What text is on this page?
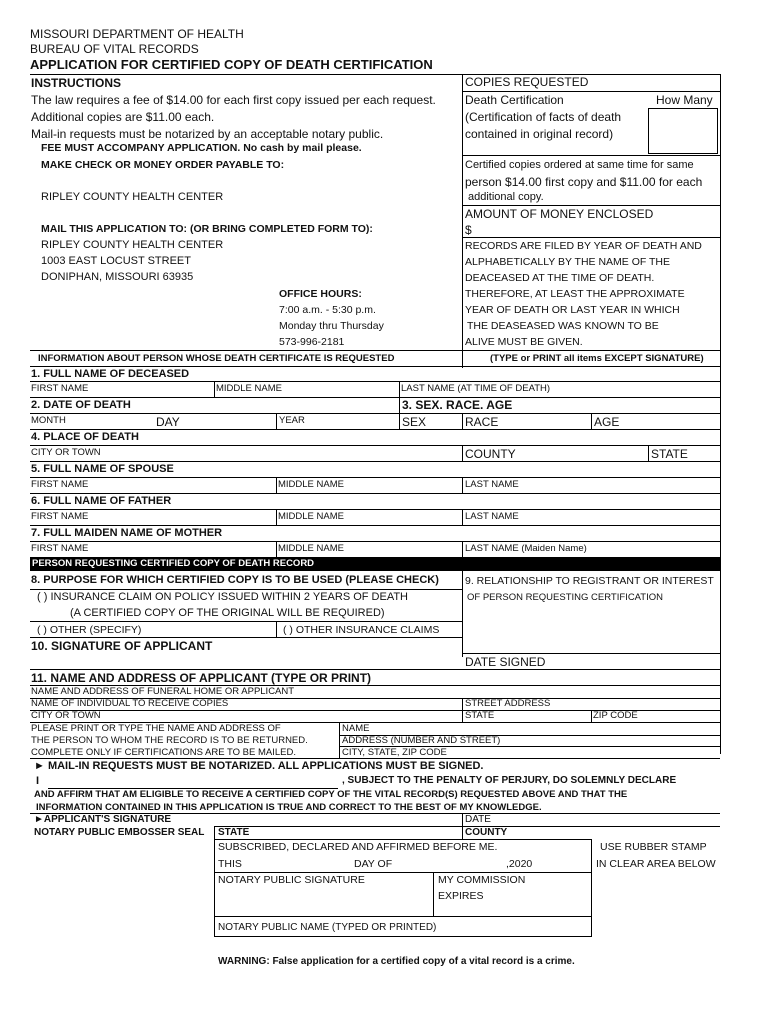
MISSOURI DEPARTMENT OF HEALTH
BUREAU OF VITAL RECORDS
APPLICATION FOR CERTIFIED COPY OF DEATH CERTIFICATION
INSTRUCTIONS
The law requires a fee of $14.00 for each first copy issued per each request.
Additional copies are $11.00 each.
Mail-in requests must be notarized by an acceptable notary public.
FEE MUST ACCOMPANY APPLICATION. No cash by mail please.
MAKE CHECK OR MONEY ORDER PAYABLE TO:
RIPLEY COUNTY HEALTH CENTER
MAIL THIS APPLICATION TO: (OR BRING COMPLETED FORM TO):
RIPLEY COUNTY HEALTH CENTER
1003 EAST LOCUST STREET
DONIPHAN, MISSOURI 63935
OFFICE HOURS:
7:00 a.m. - 5:30 p.m.
Monday thru Thursday
573-996-2181
COPIES REQUESTED
Death Certification	How Many
(Certification of facts of death
contained in original record)
Certified copies ordered at same time for same
person $14.00 first copy and $11.00 for each
additional copy.
AMOUNT OF MONEY ENCLOSED
$
RECORDS ARE FILED BY YEAR OF DEATH AND
ALPHABETICALLY BY THE NAME OF THE
DEACEASED AT THE TIME OF DEATH.
THEREFORE, AT LEAST THE APPROXIMATE
YEAR OF DEATH OR LAST YEAR IN WHICH
THE DEASEASED WAS KNOWN TO BE
ALIVE MUST BE GIVEN.
INFORMATION ABOUT PERSON WHOSE DEATH CERTIFICATE IS REQUESTED	(TYPE or PRINT all items EXCEPT SIGNATURE)
1. FULL NAME OF DECEASED
FIRST NAME	MIDDLE NAME	LAST NAME (AT TIME OF DEATH)
2. DATE OF DEATH	3. SEX. RACE. AGE
MONTH	DAY	YEAR	SEX	RACE	AGE
4. PLACE OF DEATH
CITY OR TOWN	COUNTY	STATE
5. FULL NAME OF SPOUSE
FIRST NAME	MIDDLE NAME	LAST NAME
6. FULL NAME OF FATHER
FIRST NAME	MIDDLE NAME	LAST NAME
7. FULL MAIDEN NAME OF MOTHER
FIRST NAME	MIDDLE NAME	LAST NAME (Maiden Name)
PERSON REQUESTING CERTIFIED COPY OF DEATH RECORD
8. PURPOSE FOR WHICH CERTIFIED COPY IS TO BE USED (PLEASE CHECK) 9. RELATIONSHIP TO REGISTRANT OR INTEREST
OF PERSON REQUESTING CERTIFICATION
( ) INSURANCE CLAIM ON POLICY ISSUED WITHIN 2 YEARS OF DEATH
(A CERTIFIED COPY OF THE ORIGINAL WILL BE REQUIRED)
( ) OTHER (SPECIFY)	( ) OTHER INSURANCE CLAIMS
10. SIGNATURE OF APPLICANT
DATE SIGNED
11. NAME AND ADDRESS OF APPLICANT (TYPE OR PRINT)
NAME AND ADDRESS OF FUNERAL HOME OR APPLICANT
NAME OF INDIVIDUAL TO RECEIVE COPIES	STREET ADDRESS
CITY OR TOWN	STATE	ZIP CODE
PLEASE PRINT OR TYPE THE NAME AND ADDRESS OF
THE PERSON TO WHOM THE RECORD IS TO BE RETURNED.
COMPLETE ONLY IF CERTIFICATIONS ARE TO BE MAILED.
NAME
ADDRESS (NUMBER AND STREET)
CITY, STATE, ZIP CODE
► MAIL-IN REQUESTS MUST BE NOTARIZED. ALL APPLICATIONS MUST BE SIGNED.
I	, SUBJECT TO THE PENALTY OF PERJURY, DO SOLEMNLY DECLARE
AND AFFIRM THAT AM ELIGIBLE TO RECEIVE A CERTIFIED COPY OF THE VITAL RECORD(S) REQUESTED ABOVE AND THAT THE
INFORMATION CONTAINED IN THIS APPLICATION IS TRUE AND CORRECT TO THE BEST OF MY KNOWLEDGE.
►APPLICANT'S SIGNATURE	DATE
NOTARY PUBLIC EMBOSSER SEAL STATE	COUNTY
SUBSCRIBED, DECLARED AND AFFIRMED BEFORE ME.	USE RUBBER STAMP
IN CLEAR AREA BELOW
THIS	DAY OF	,2020
NOTARY PUBLIC SIGNATURE	MY COMMISSION
EXPIRES
NOTARY PUBLIC NAME (TYPED OR PRINTED)
WARNING: False application for a certified copy of a vital record is a crime.
